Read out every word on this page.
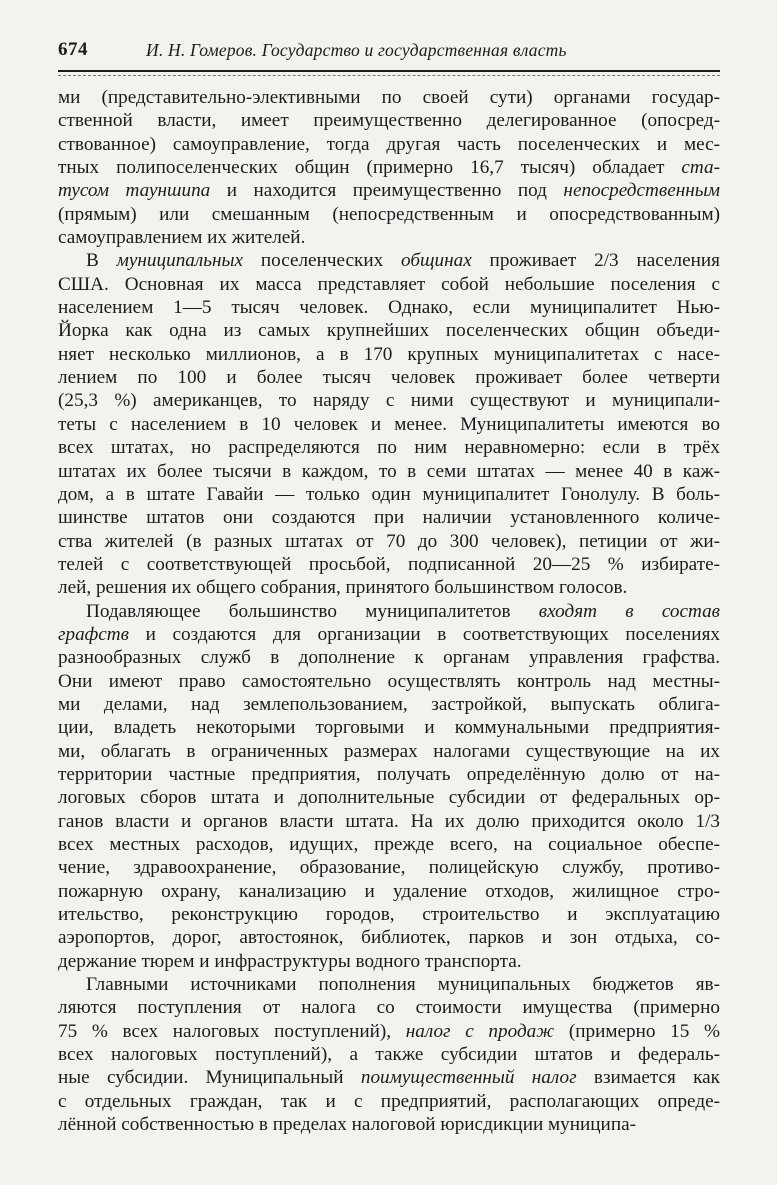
674	И. Н. Гомеров. Государство и государственная власть
ми (представительно-элективными по своей сути) органами государ-
ственной власти, имеет преимущественно делегированное (опосред-
ствованное) самоуправление, тогда другая часть поселенческих и мес-
тных полипоселенческих общин (примерно 16,7 тысяч) обладает ста-
тусом тауншипа и находится преимущественно под непосредственным
(прямым) или смешанным (непосредственным и опосредствованным)
самоуправлением их жителей.
В муниципальных поселенческих общинах проживает 2/3 населения
США. Основная их масса представляет собой небольшие поселения с
населением 1—5 тысяч человек. Однако, если муниципалитет Нью-
Йорка как одна из самых крупнейших поселенческих общин объеди-
няет несколько миллионов, а в 170 крупных муниципалитетах с насе-
лением по 100 и более тысяч человек проживает более четверти
(25,3 %) американцев, то наряду с ними существуют и муниципали-
теты с населением в 10 человек и менее. Муниципалитеты имеются во
всех штатах, но распределяются по ним неравномерно: если в трёх
штатах их более тысячи в каждом, то в семи штатах — менее 40 в каж-
дом, а в штате Гавайи — только один муниципалитет Гонолулу. В боль-
шинстве штатов они создаются при наличии установленного количе-
ства жителей (в разных штатах от 70 до 300 человек), петиции от жи-
телей с соответствующей просьбой, подписанной 20—25 % избирате-
лей, решения их общего собрания, принятого большинством голосов.
Подавляющее большинство муниципалитетов входят в состав
графств и создаются для организации в соответствующих поселениях
разнообразных служб в дополнение к органам управления графства.
Они имеют право самостоятельно осуществлять контроль над местны-
ми делами, над землепользованием, застройкой, выпускать облига-
ции, владеть некоторыми торговыми и коммунальными предприятия-
ми, облагать в ограниченных размерах налогами существующие на их
территории частные предприятия, получать определённую долю от на-
логовых сборов штата и дополнительные субсидии от федеральных ор-
ганов власти и органов власти штата. На их долю приходится около 1/3
всех местных расходов, идущих, прежде всего, на социальное обеспе-
чение, здравоохранение, образование, полицейскую службу, противо-
пожарную охрану, канализацию и удаление отходов, жилищное стро-
ительство, реконструкцию городов, строительство и эксплуатацию
аэропортов, дорог, автостоянок, библиотек, парков и зон отдыха, со-
держание тюрем и инфраструктуры водного транспорта.
Главными источниками пополнения муниципальных бюджетов яв-
ляются поступления от налога со стоимости имущества (примерно
75 % всех налоговых поступлений), налог с продаж (примерно 15 %
всех налоговых поступлений), а также субсидии штатов и федераль-
ные субсидии. Муниципальный поимущественный налог взимается как
с отдельных граждан, так и с предприятий, располагающих опреде-
лённой собственностью в пределах налоговой юрисдикции муниципа-
